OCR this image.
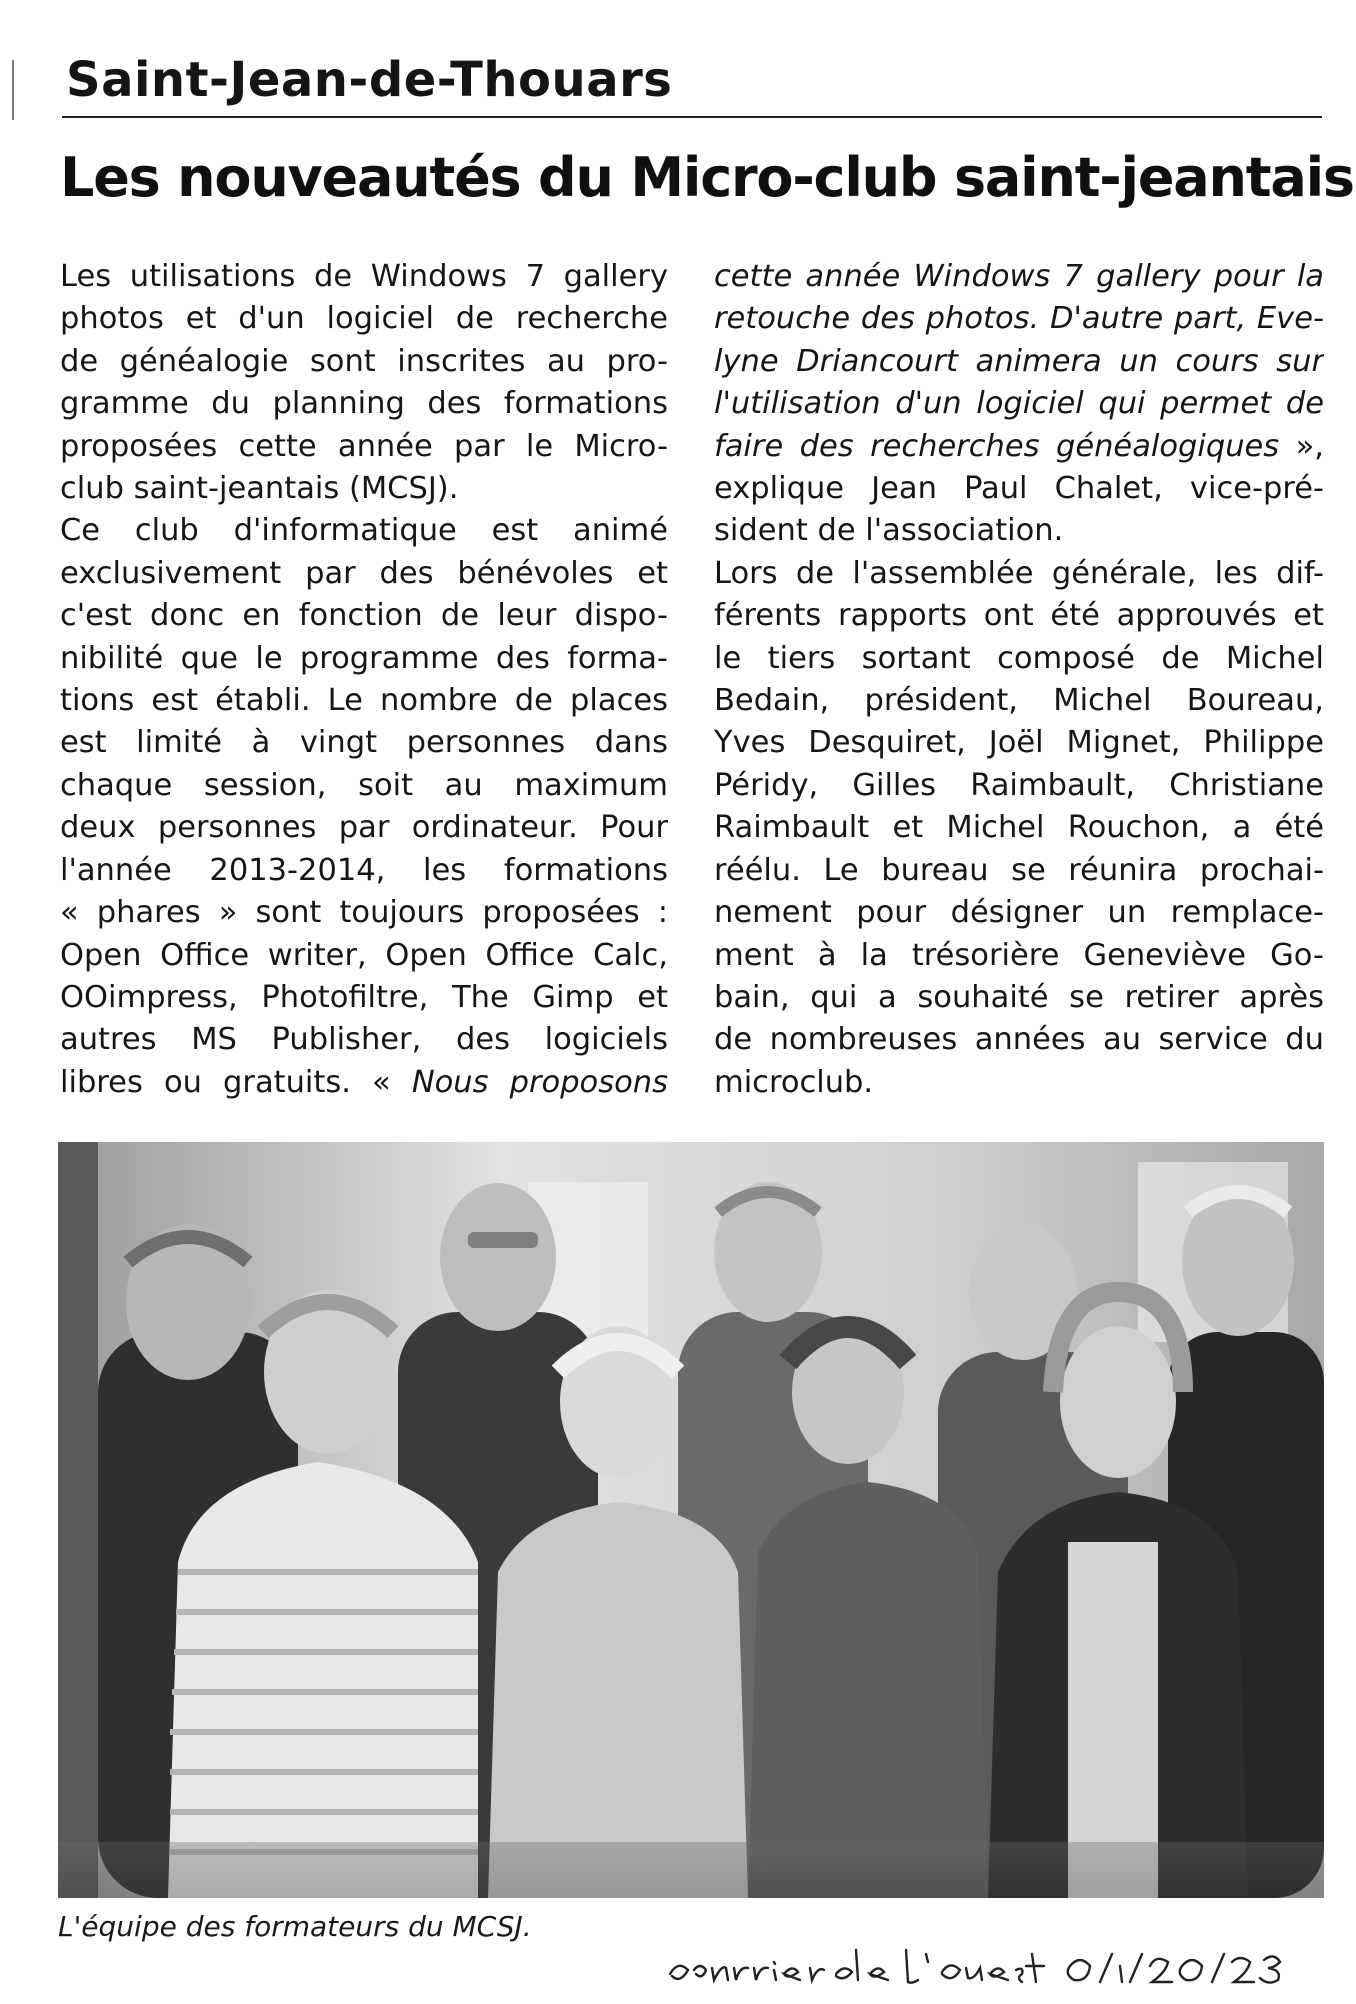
Saint-Jean-de-Thouars
Les nouveautés du Micro-club saint-jeantais
Les utilisations de Windows 7 gallery
photos et d'un logiciel de recherche
de généalogie sont inscrites au pro-
gramme du planning des formations
proposées cette année par le Micro-
club saint-jeantais (MCSJ).
Ce club d'informatique est animé
exclusivement par des bénévoles et
c'est donc en fonction de leur dispo-
nibilité que le programme des forma-
tions est établi. Le nombre de places
est limité à vingt personnes dans
chaque session, soit au maximum
deux personnes par ordinateur. Pour
l'année 2013-2014, les formations
« phares » sont toujours proposées :
Open Office writer, Open Office Calc,
OOimpress, Photofiltre, The Gimp et
autres MS Publisher, des logiciels
libres ou gratuits. « Nous proposons
cette année Windows 7 gallery pour la
retouche des photos. D'autre part, Eve-
lyne Driancourt animera un cours sur
l'utilisation d'un logiciel qui permet de
faire des recherches généalogiques »,
explique Jean Paul Chalet, vice-pré-
sident de l'association.
Lors de l'assemblée générale, les dif-
férents rapports ont été approuvés et
le tiers sortant composé de Michel
Bedain, président, Michel Boureau,
Yves Desquiret, Joël Mignet, Philippe
Péridy, Gilles Raimbault, Christiane
Raimbault et Michel Rouchon, a été
réélu. Le bureau se réunira prochai-
nement pour désigner un remplace-
ment à la trésorière Geneviève Go-
bain, qui a souhaité se retirer après
de nombreuses années au service du
microclub.
L'équipe des formateurs du MCSJ.
